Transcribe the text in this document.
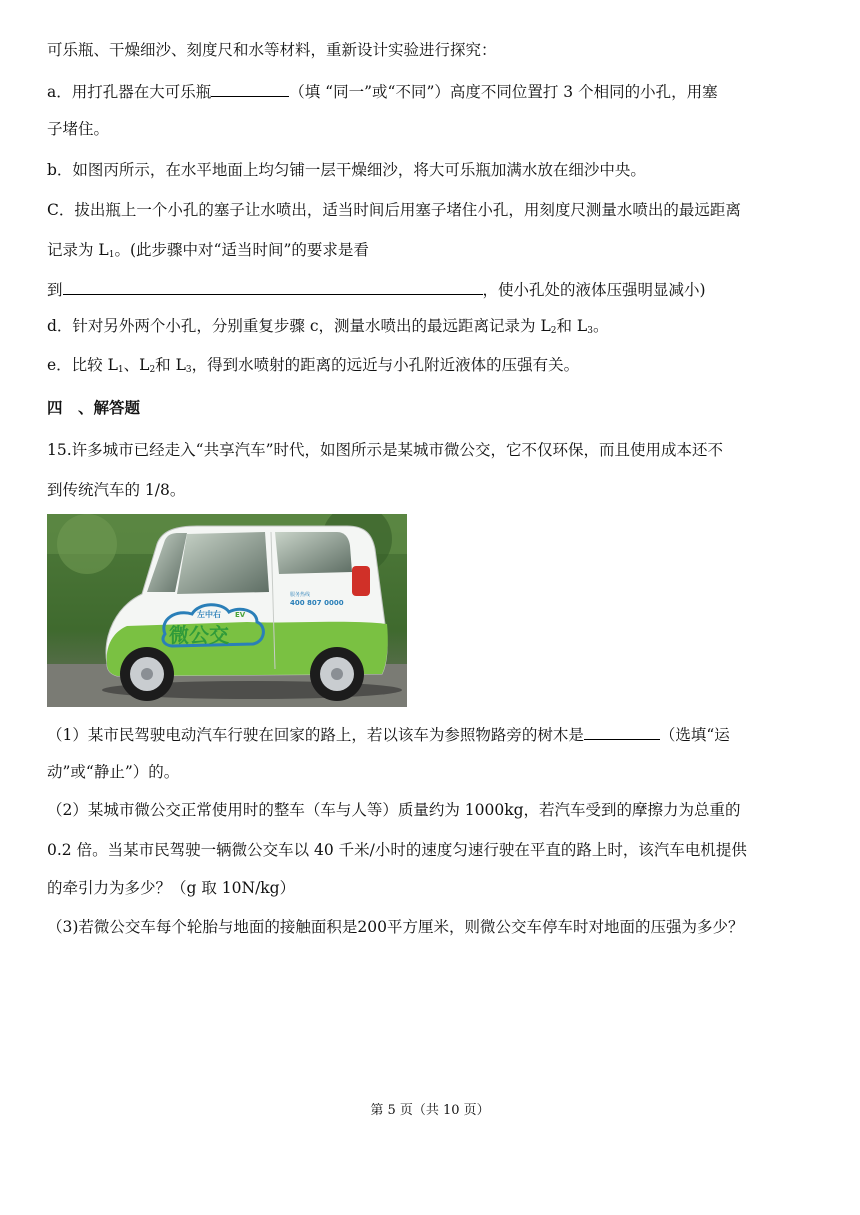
可乐瓶、干燥细沙、刻度尺和水等材料，重新设计实验进行探究：
a．用打孔器在大可乐瓶	（填 “同一”或“不同”）高度不同位置打 3 个相同的小孔，用塞
子堵住。
b．如图丙所示，在水平地面上均匀铺一层干燥细沙，将大可乐瓶加满水放在细沙中央。
C．拔出瓶上一个小孔的塞子让水喷出，适当时间后用塞子堵住小孔，用刻度尺测量水喷出的最远距离
记录为 $L_1$。(此步骤中对“适当时间”的要求是看
到	，使小孔处的液体压强明显减小)
d．针对另外两个小孔，分别重复步骤 c，测量水喷出的最远距离记录为 $L_2$和 $L_3$。
e．比较 $L_1$、$L_2$和 $L_3$，得到水喷射的距离的远近与小孔附近液体的压强有关。
四　、解答题
15.许多城市已经走入“共享汽车”时代，如图所示是某城市微公交，它不仅环保，而且使用成本还不
到传统汽车的 1/8。
左中右 EV
微公交
服务热线
400 807 0000
（1）某市民驾驶电动汽车行驶在回家的路上，若以该车为参照物路旁的树木是	（选填“运
动”或“静止”）的。
（2）某城市微公交正常使用时的整车（车与人等）质量约为 1000kg，若汽车受到的摩擦力为总重的
0.2 倍。当某市民驾驶一辆微公交车以 40 千米/小时的速度匀速行驶在平直的路上时，该汽车电机提供
的牵引力为多少？（g 取 10N/kg）
（3)若微公交车每个轮胎与地面的接触面积是200平方厘米，则微公交车停车时对地面的压强为多少？
第 5 页（共 10 页）
